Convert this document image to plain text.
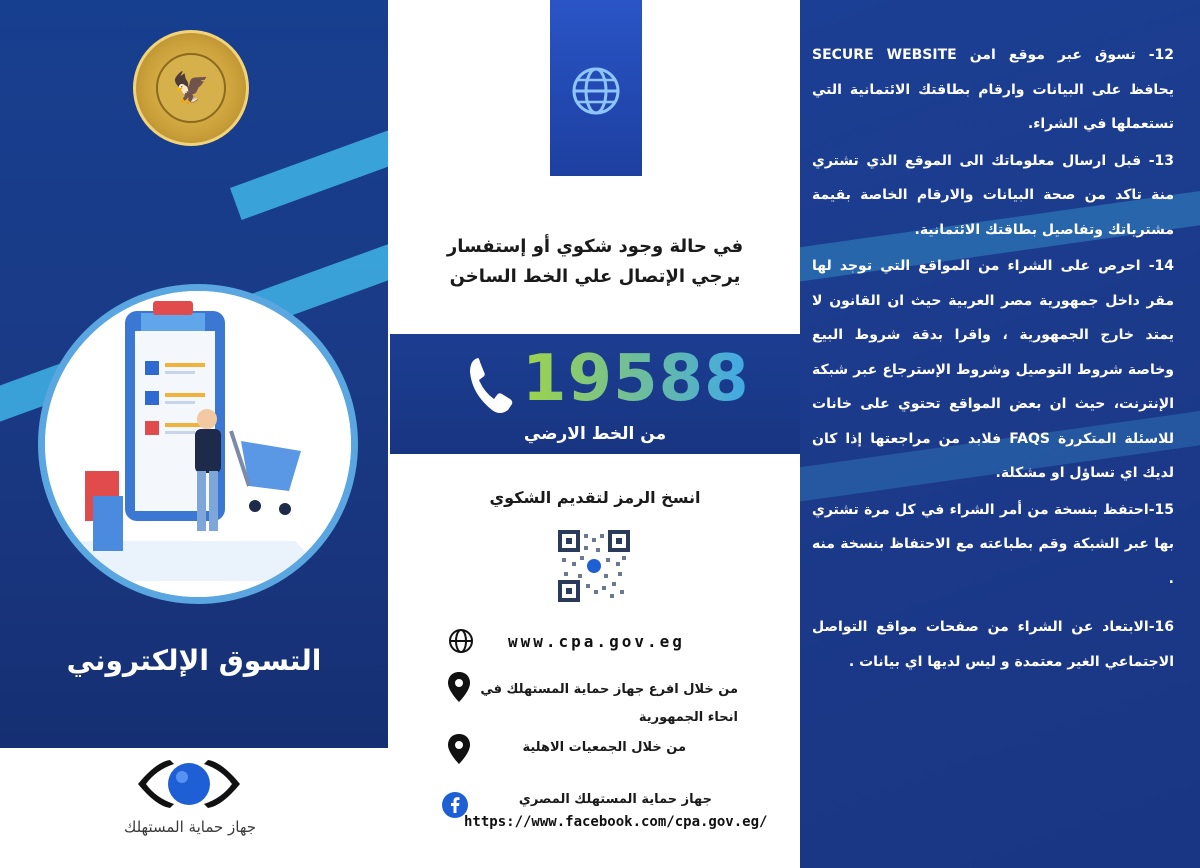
🦅
التسوق الإلكتروني
جهاز حماية المستهلك
في حالة وجود شكوي أو إستفسار
يرجي الإتصال علي الخط الساخن
19588
من الخط الارضي
انسخ الرمز لتقديم الشكوي
www.cpa.gov.eg
من خلال افرع جهاز حماية المستهلك في
انحاء الجمهورية
من خلال الجمعيات الاهلية
جهاز حماية المستهلك المصري
https://www.facebook.com/cpa.gov.eg/

12- تسوق عبر موقع امن SECURE WEBSITE يحافظ على البيانات وارقام بطاقتك الائتمانية التي تستعملها في الشراء.

13- قبل ارسال معلوماتك الى الموقع الذي تشتري منة تاكد من صحة البيانات والارقام الخاصة بقيمة مشترياتك وتفاصيل بطاقتك الائتمانية.

14- احرص على الشراء من المواقع التي توجد لها مقر داخل جمهورية مصر العربية حيث ان القانون لا يمتد خارج الجمهورية ، واقرا بدقة شروط البيع وخاصة شروط التوصيل وشروط الإسترجاع عبر شبكة الإنترنت، حيث ان بعض المواقع تحتوي على خانات للاسئلة المتكررة FAQS فلابد من مراجعتها إذا كان لديك اي تساؤل او مشكلة.

15-احتفظ بنسخة من أمر الشراء في كل مرة تشتري بها عبر الشبكة وقم بطباعته مع الاحتفاظ بنسخة منه .

16-الابتعاد عن الشراء من صفحات مواقع التواصل الاجتماعي الغير معتمدة و ليس لديها اي بيانات .
